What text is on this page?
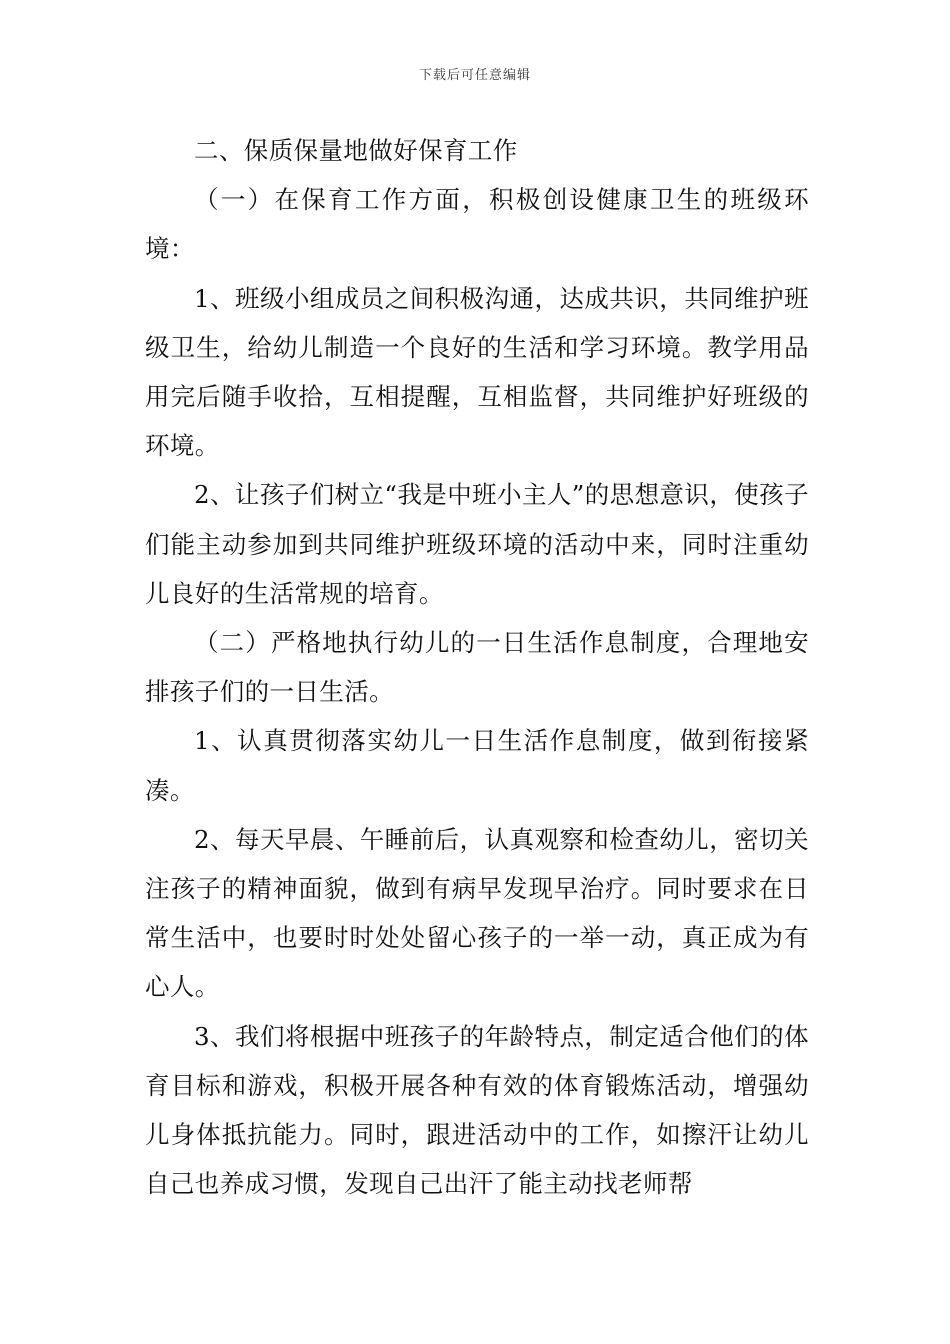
下载后可任意编辑

二、保质保量地做好保育工作

（一）在保育工作方面，积极创设健康卫生的班级环境：

1、班级小组成员之间积极沟通，达成共识，共同维护班级卫生，给幼儿制造一个良好的生活和学习环境。教学用品用完后随手收拾，互相提醒，互相监督，共同维护好班级的环境。

2、让孩子们树立“我是中班小主人”的思想意识，使孩子们能主动参加到共同维护班级环境的活动中来，同时注重幼儿良好的生活常规的培育。

（二）严格地执行幼儿的一日生活作息制度，合理地安排孩子们的一日生活。

1、认真贯彻落实幼儿一日生活作息制度，做到衔接紧凑。

2、每天早晨、午睡前后，认真观察和检查幼儿，密切关注孩子的精神面貌，做到有病早发现早治疗。同时要求在日常生活中，也要时时处处留心孩子的一举一动，真正成为有心人。

3、我们将根据中班孩子的年龄特点，制定适合他们的体育目标和游戏，积极开展各种有效的体育锻炼活动，增强幼儿身体抵抗能力。同时，跟进活动中的工作，如擦汗让幼儿自己也养成习惯，发现自己出汗了能主动找老师帮
